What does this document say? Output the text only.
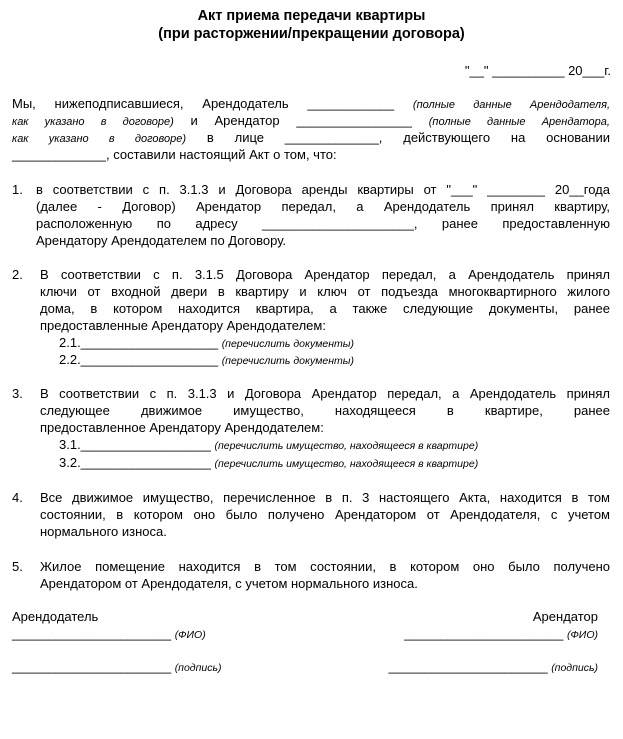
Акт приема передачи квартиры
(при расторжении/прекращении договора)
"__" __________ 20___г.
Мы, нижеподписавшиеся, Арендодатель ____________ (полные данные Арендодателя,
как указано в договоре) и Арендатор ________________ (полные данные Арендатора,
как указано в договоре) в лице _____________, действующего на основании
_____________, составили настоящий Акт о том, что:
1. в соответствии с п. 3.1.3 и Договора аренды квартиры от "___" ________ 20__года
(далее - Договор) Арендатор передал, а Арендодатель принял квартиру,
расположенную по адресу _____________________, ранее предоставленную
Арендатору Арендодателем по Договору.
2. В соответствии с п. 3.1.5 Договора Арендатор передал, а Арендодатель принял
ключи от входной двери в квартиру и ключ от подъезда многоквартирного жилого
дома, в котором находится квартира, а также следующие документы, ранее
предоставленные Арендатору Арендодателем:
2.1.___________________ (перечислить документы)
2.2.___________________ (перечислить документы)
3. В соответствии с п. 3.1.3 и Договора Арендатор передал, а Арендодатель принял
следующее движимое имущество, находящееся в квартире, ранее
предоставленное Арендатору Арендодателем:
3.1.__________________ (перечислить имущество, находящееся в квартире)
3.2.__________________ (перечислить имущество, находящееся в квартире)
4. Все движимое имущество, перечисленное в п. 3 настоящего Акта, находится в том
состоянии, в котором оно было получено Арендатором от Арендодателя, с учетом
нормального износа.
5. Жилое помещение находится в том состоянии, в котором оно было получено
Арендатором от Арендодателя, с учетом нормального износа.
Арендодатель	Арендатор
______________________ (ФИО)	______________________ (ФИО)
______________________ (подпись)	______________________ (подпись)
